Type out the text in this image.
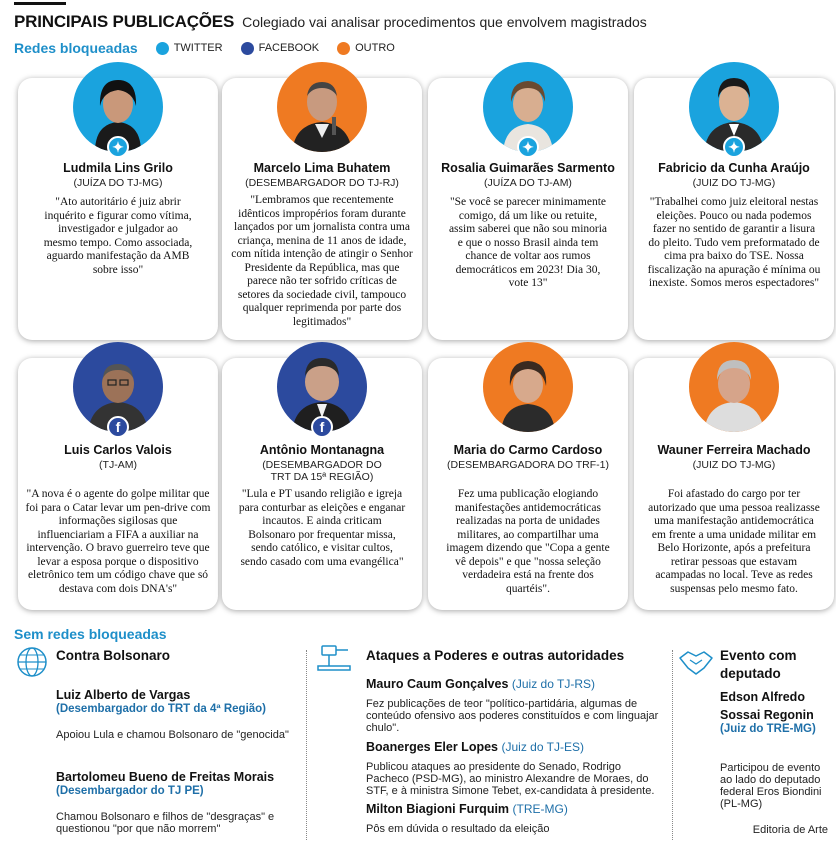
PRINCIPAIS PUBLICAÇÕES Colegiado vai analisar procedimentos que envolvem magistrados
Redes bloqueadas	TWITTER	FACEBOOK	OUTRO
✦
Ludmila Lins Grilo
(JUÍZA DO TJ-MG)
"Ato autoritário é juiz abrir inquérito e figurar como vítima, investigador e julgador ao mesmo tempo. Como associada, aguardo manifestação da AMB sobre isso"
Marcelo Lima Buhatem
(DESEMBARGADOR DO TJ-RJ)
"Lembramos que recentemente idênticos impropérios foram durante lançados por um jornalista contra uma criança, menina de 11 anos de idade, com nítida intenção de atingir o Senhor Presidente da República, mas que parece não ter sofrido críticas de setores da sociedade civil, tampouco qualquer reprimenda por parte dos legitimados"
✦
Rosalia Guimarães Sarmento
(JUÍZA DO TJ-AM)
"Se você se parecer minimamente comigo, dá um like ou retuite, assim saberei que não sou minoria e que o nosso Brasil ainda tem chance de voltar aos rumos democráticos em 2023! Dia 30, vote 13"
✦
Fabricio da Cunha Araújo
(JUIZ DO TJ-MG)
"Trabalhei como juiz eleitoral nestas eleições. Pouco ou nada podemos fazer no sentido de garantir a lisura do pleito. Tudo vem preformatado de cima pra baixo do TSE. Nossa fiscalização na apuração é mínima ou inexiste. Somos meros espectadores"
f
Luis Carlos Valois
(TJ-AM)
"A nova é o agente do golpe militar que foi para o Catar levar um pen-drive com informações sigilosas que influenciariam a FIFA a auxiliar na intervenção. O bravo guerreiro teve que levar a esposa porque o dispositivo eletrônico tem um código chave que só destava com dois DNA's"
f
Antônio Montanagna
(DESEMBARGADOR DO TRT DA 15ª REGIÃO)
"Lula e PT usando religião e igreja para conturbar as eleições e enganar incautos. E ainda criticam Bolsonaro por frequentar missa, sendo católico, e visitar cultos, sendo casado com uma evangélica"
Maria do Carmo Cardoso
(DESEMBARGADORA DO TRF-1)
Fez uma publicação elogiando manifestações antidemocráticas realizadas na porta de unidades militares, ao compartilhar uma imagem dizendo que "Copa a gente vê depois" e que "nossa seleção verdadeira está na frente dos quartéis".
Wauner Ferreira Machado
(JUIZ DO TJ-MG)
Foi afastado do cargo por ter autorizado que uma pessoa realizasse uma manifestação antidemocrática em frente a uma unidade militar em Belo Horizonte, após a prefeitura retirar pessoas que estavam acampadas no local. Teve as redes suspensas pelo mesmo fato.
Sem redes bloqueadas
Contra Bolsonaro
Luiz Alberto de Vargas
(Desembargador do TRT da 4ª Região)
Apoiou Lula e chamou Bolsonaro de "genocida"
Bartolomeu Bueno de Freitas Morais
(Desembargador do TJ PE)
Chamou Bolsonaro e filhos de "desgraças" e questionou "por que não morrem"
Ataques a Poderes e outras autoridades
Mauro Caum Gonçalves (Juiz do TJ-RS)
Fez publicações de teor "político-partidária, algumas de conteúdo ofensivo aos poderes constituídos e com linguajar chulo".
Boanerges Eler Lopes (Juiz do TJ-ES)
Publicou ataques ao presidente do Senado, Rodrigo Pacheco (PSD-MG), ao ministro Alexandre de Moraes, do STF, e à ministra Simone Tebet, ex-candidata à presidente.
Milton Biagioni Furquim (TRE-MG)
Pôs em dúvida o resultado da eleição
Evento com
deputado
Edson Alfredo
Sossai Regonin
(Juiz do TRE-MG)
Participou de evento ao lado do deputado federal Eros Biondini (PL-MG)
Editoria de Arte
